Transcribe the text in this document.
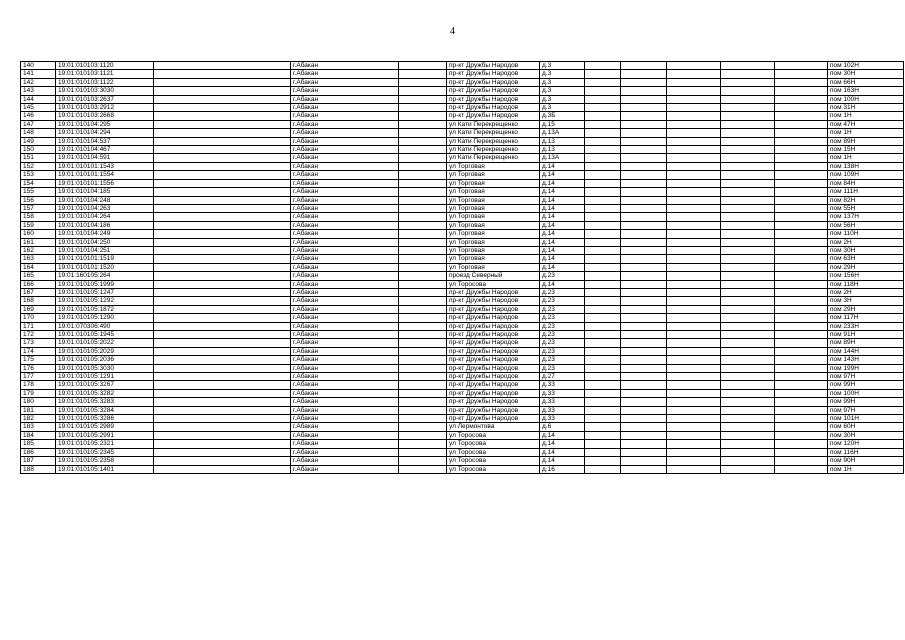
4
140	19:01:010103:1120		г.Абакан		пр-кт Дружбы Народов	д.3						пом 102Н
141	19:01:010103:1121		г.Абакан		пр-кт Дружбы Народов	д.3						пом 30Н
142	19:01:010103:1122		г.Абакан		пр-кт Дружбы Народов	д.3						пом 66Н
143	19:01:010103:3030		г.Абакан		пр-кт Дружбы Народов	д.3						пом 163Н
144	19:01:010103:2637		г.Абакан		пр-кт Дружбы Народов	д.3						пом 100Н
145	19:01:010103:2912		г.Абакан		пр-кт Дружбы Народов	д.3						пом 31Н
146	19:01:010103:2668		г.Абакан		пр-кт Дружбы Народов	д.3Б						пом 1Н
147	19:01:010104:295		г.Абакан		ул Кати Перекрещенко	д.15						пом 47Н
148	19:01:010104:294		г.Абакан		ул Кати Перекрещенко	д.13А						пом 1Н
149	19:01:010104:537		г.Абакан		ул Кати Перекрещенко	д.13						пом 89Н
150	19:01:010104:467		г.Абакан		ул Кати Перекрещенко	д.13						пом 15Н
151	19:01:010104:591		г.Абакан		ул Кати Перекрещенко	д.13А						пом 1Н
152	19:01:010101:1543		г.Абакан		ул Торговая	д.14						пом 138Н
153	19:01:010101:1554		г.Абакан		ул Торговая	д.14						пом 109Н
154	19:01:010101:1556		г.Абакан		ул Торговая	д.14						пом 84Н
155	19:01:010104:185		г.Абакан		ул Торговая	д.14						пом 111Н
156	19:01:010104:248		г.Абакан		ул Торговая	д.14						пом 82Н
157	19:01:010104:263		г.Абакан		ул Торговая	д.14						пом 55Н
158	19:01:010104:264		г.Абакан		ул Торговая	д.14						пом 137Н
159	19:01:010104:186		г.Абакан		ул Торговая	д.14						пом 56Н
160	19:01:010104:249		г.Абакан		ул Торговая	д.14						пом 110Н
161	19:01:010104:250		г.Абакан		ул Торговая	д.14						пом 2Н
162	19:01:010104:251		г.Абакан		ул Торговая	д.14						пом 30Н
163	19:01:010101:1519		г.Абакан		ул Торговая	д.14						пом 63Н
164	19:01:010101:1520		г.Абакан		ул Торговая	д.14						пом 29Н
165	19:01:160105:264		г.Абакан		проезд Северный	д.23						пом 156Н
166	19:01:010105:1999		г.Абакан		ул Торосова	д.14						пом 118Н
167	19:01:010105:1247		г.Абакан		пр-кт Дружбы Народов	д.23						пом 2Н
168	19:01:010105:1292		г.Абакан		пр-кт Дружбы Народов	д.23						пом 3Н
169	19:01:010105:1872		г.Абакан		пр-кт Дружбы Народов	д.23						пом 29Н
170	19:01:010105:1290		г.Абакан		пр-кт Дружбы Народов	д.23						пом 117Н
171	19:01:070306:490		г.Абакан		пр-кт Дружбы Народов	д.23						пом 233Н
172	19:01:010105:1945		г.Абакан		пр-кт Дружбы Народов	д.23						пом 91Н
173	19:01:010105:2022		г.Абакан		пр-кт Дружбы Народов	д.23						пом 89Н
174	19:01:010105:2029		г.Абакан		пр-кт Дружбы Народов	д.23						пом 144Н
175	19:01:010105:2036		г.Абакан		пр-кт Дружбы Народов	д.23						пом 143Н
176	19:01:010105:3030		г.Абакан		пр-кт Дружбы Народов	д.23						пом 199Н
177	19:01:010105:1291		г.Абакан		пр-кт Дружбы Народов	д.27						пом 97Н
178	19:01:010105:3267		г.Абакан		пр-кт Дружбы Народов	д.33						пом 99Н
179	19:01:010105:3282		г.Абакан		пр-кт Дружбы Народов	д.33						пом 100Н
180	19:01:010105:3283		г.Абакан		пр-кт Дружбы Народов	д.33						пом 99Н
181	19:01:010105:3284		г.Абакан		пр-кт Дружбы Народов	д.33						пом 97Н
182	19:01:010105:3286		г.Абакан		пр-кт Дружбы Народов	д.33						пом 101Н
183	19:01:010105:2989		г.Абакан		ул Лермонтова	д.6						пом 60Н
184	19:01:010105:2991		г.Абакан		ул Торосова	д.14						пом 30Н
185	19:01:010105:2321		г.Абакан		ул Торосова	д.14						пом 120Н
186	19:01:010105:2345		г.Абакан		ул Торосова	д.14						пом 116Н
187	19:01:010105:2358		г.Абакан		ул Торосова	д.14						пом 90Н
188	19:01:010105:1401		г.Абакан		ул Торосова	д.16						пом 1Н
